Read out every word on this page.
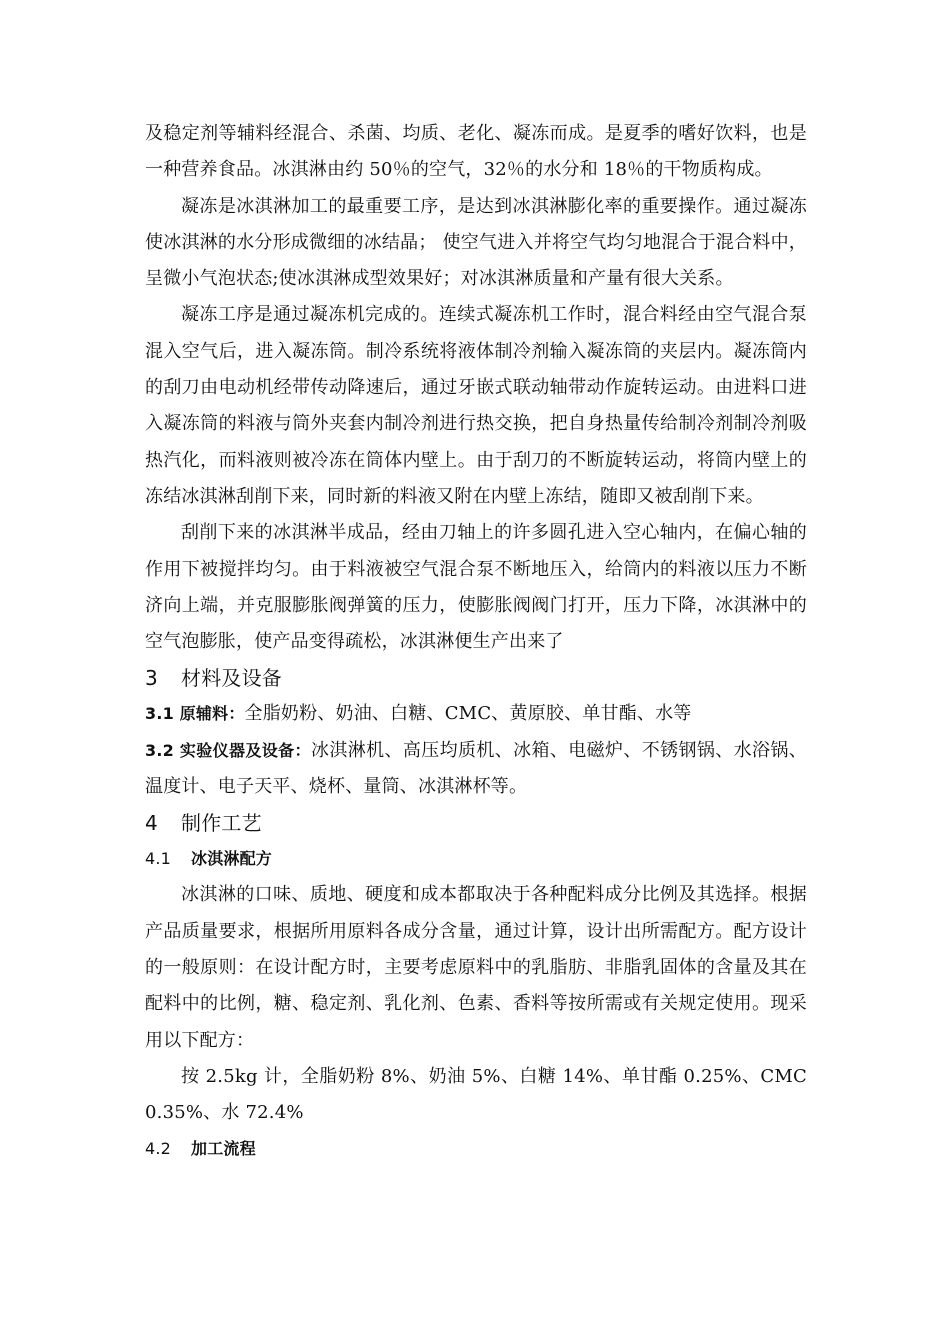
及稳定剂等辅料经混合、杀菌、均质、老化、凝冻而成。是夏季的嗜好饮料，也是一种营养食品。冰淇淋由约 50％的空气，32％的水分和 18％的干物质构成。

凝冻是冰淇淋加工的最重要工序，是达到冰淇淋膨化率的重要操作。通过凝冻使冰淇淋的水分形成微细的冰结晶； 使空气进入并将空气均匀地混合于混合料中，呈微小气泡状态;使冰淇淋成型效果好；对冰淇淋质量和产量有很大关系。

凝冻工序是通过凝冻机完成的。连续式凝冻机工作时，混合料经由空气混合泵混入空气后，进入凝冻筒。制冷系统将液体制冷剂输入凝冻筒的夹层内。凝冻筒内的刮刀由电动机经带传动降速后，通过牙嵌式联动轴带动作旋转运动。由进料口进入凝冻筒的料液与筒外夹套内制冷剂进行热交换，把自身热量传给制冷剂制冷剂吸热汽化，而料液则被冷冻在筒体内壁上。由于刮刀的不断旋转运动，将筒内壁上的冻结冰淇淋刮削下来，同时新的料液又附在内壁上冻结，随即又被刮削下来。

刮削下来的冰淇淋半成品，经由刀轴上的许多圆孔进入空心轴内，在偏心轴的作用下被搅拌均匀。由于料液被空气混合泵不断地压入，给筒内的料液以压力不断济向上端，并克服膨胀阀弹簧的压力，使膨胀阀阀门打开，压力下降，冰淇淋中的空气泡膨胀，使产品变得疏松，冰淇淋便生产出来了

3 材料及设备

3.1 原辅料：全脂奶粉、奶油、白糖、CMC、黄原胶、单甘酯、水等

3.2 实验仪器及设备：冰淇淋机、高压均质机、冰箱、电磁炉、不锈钢锅、水浴锅、温度计、电子天平、烧杯、量筒、冰淇淋杯等。

4 制作工艺
4.1 冰淇淋配方

冰淇淋的口味、质地、硬度和成本都取决于各种配料成分比例及其选择。根据产品质量要求，根据所用原料各成分含量，通过计算，设计出所需配方。配方设计的一般原则：在设计配方时，主要考虑原料中的乳脂肪、非脂乳固体的含量及其在配料中的比例，糖、稳定剂、乳化剂、色素、香料等按所需或有关规定使用。现采用以下配方：

按 2.5kg 计，全脂奶粉 8%、奶油 5%、白糖 14%、单甘酯 0.25%、CMC 0.35%、水 72.4%

4.2 加工流程
